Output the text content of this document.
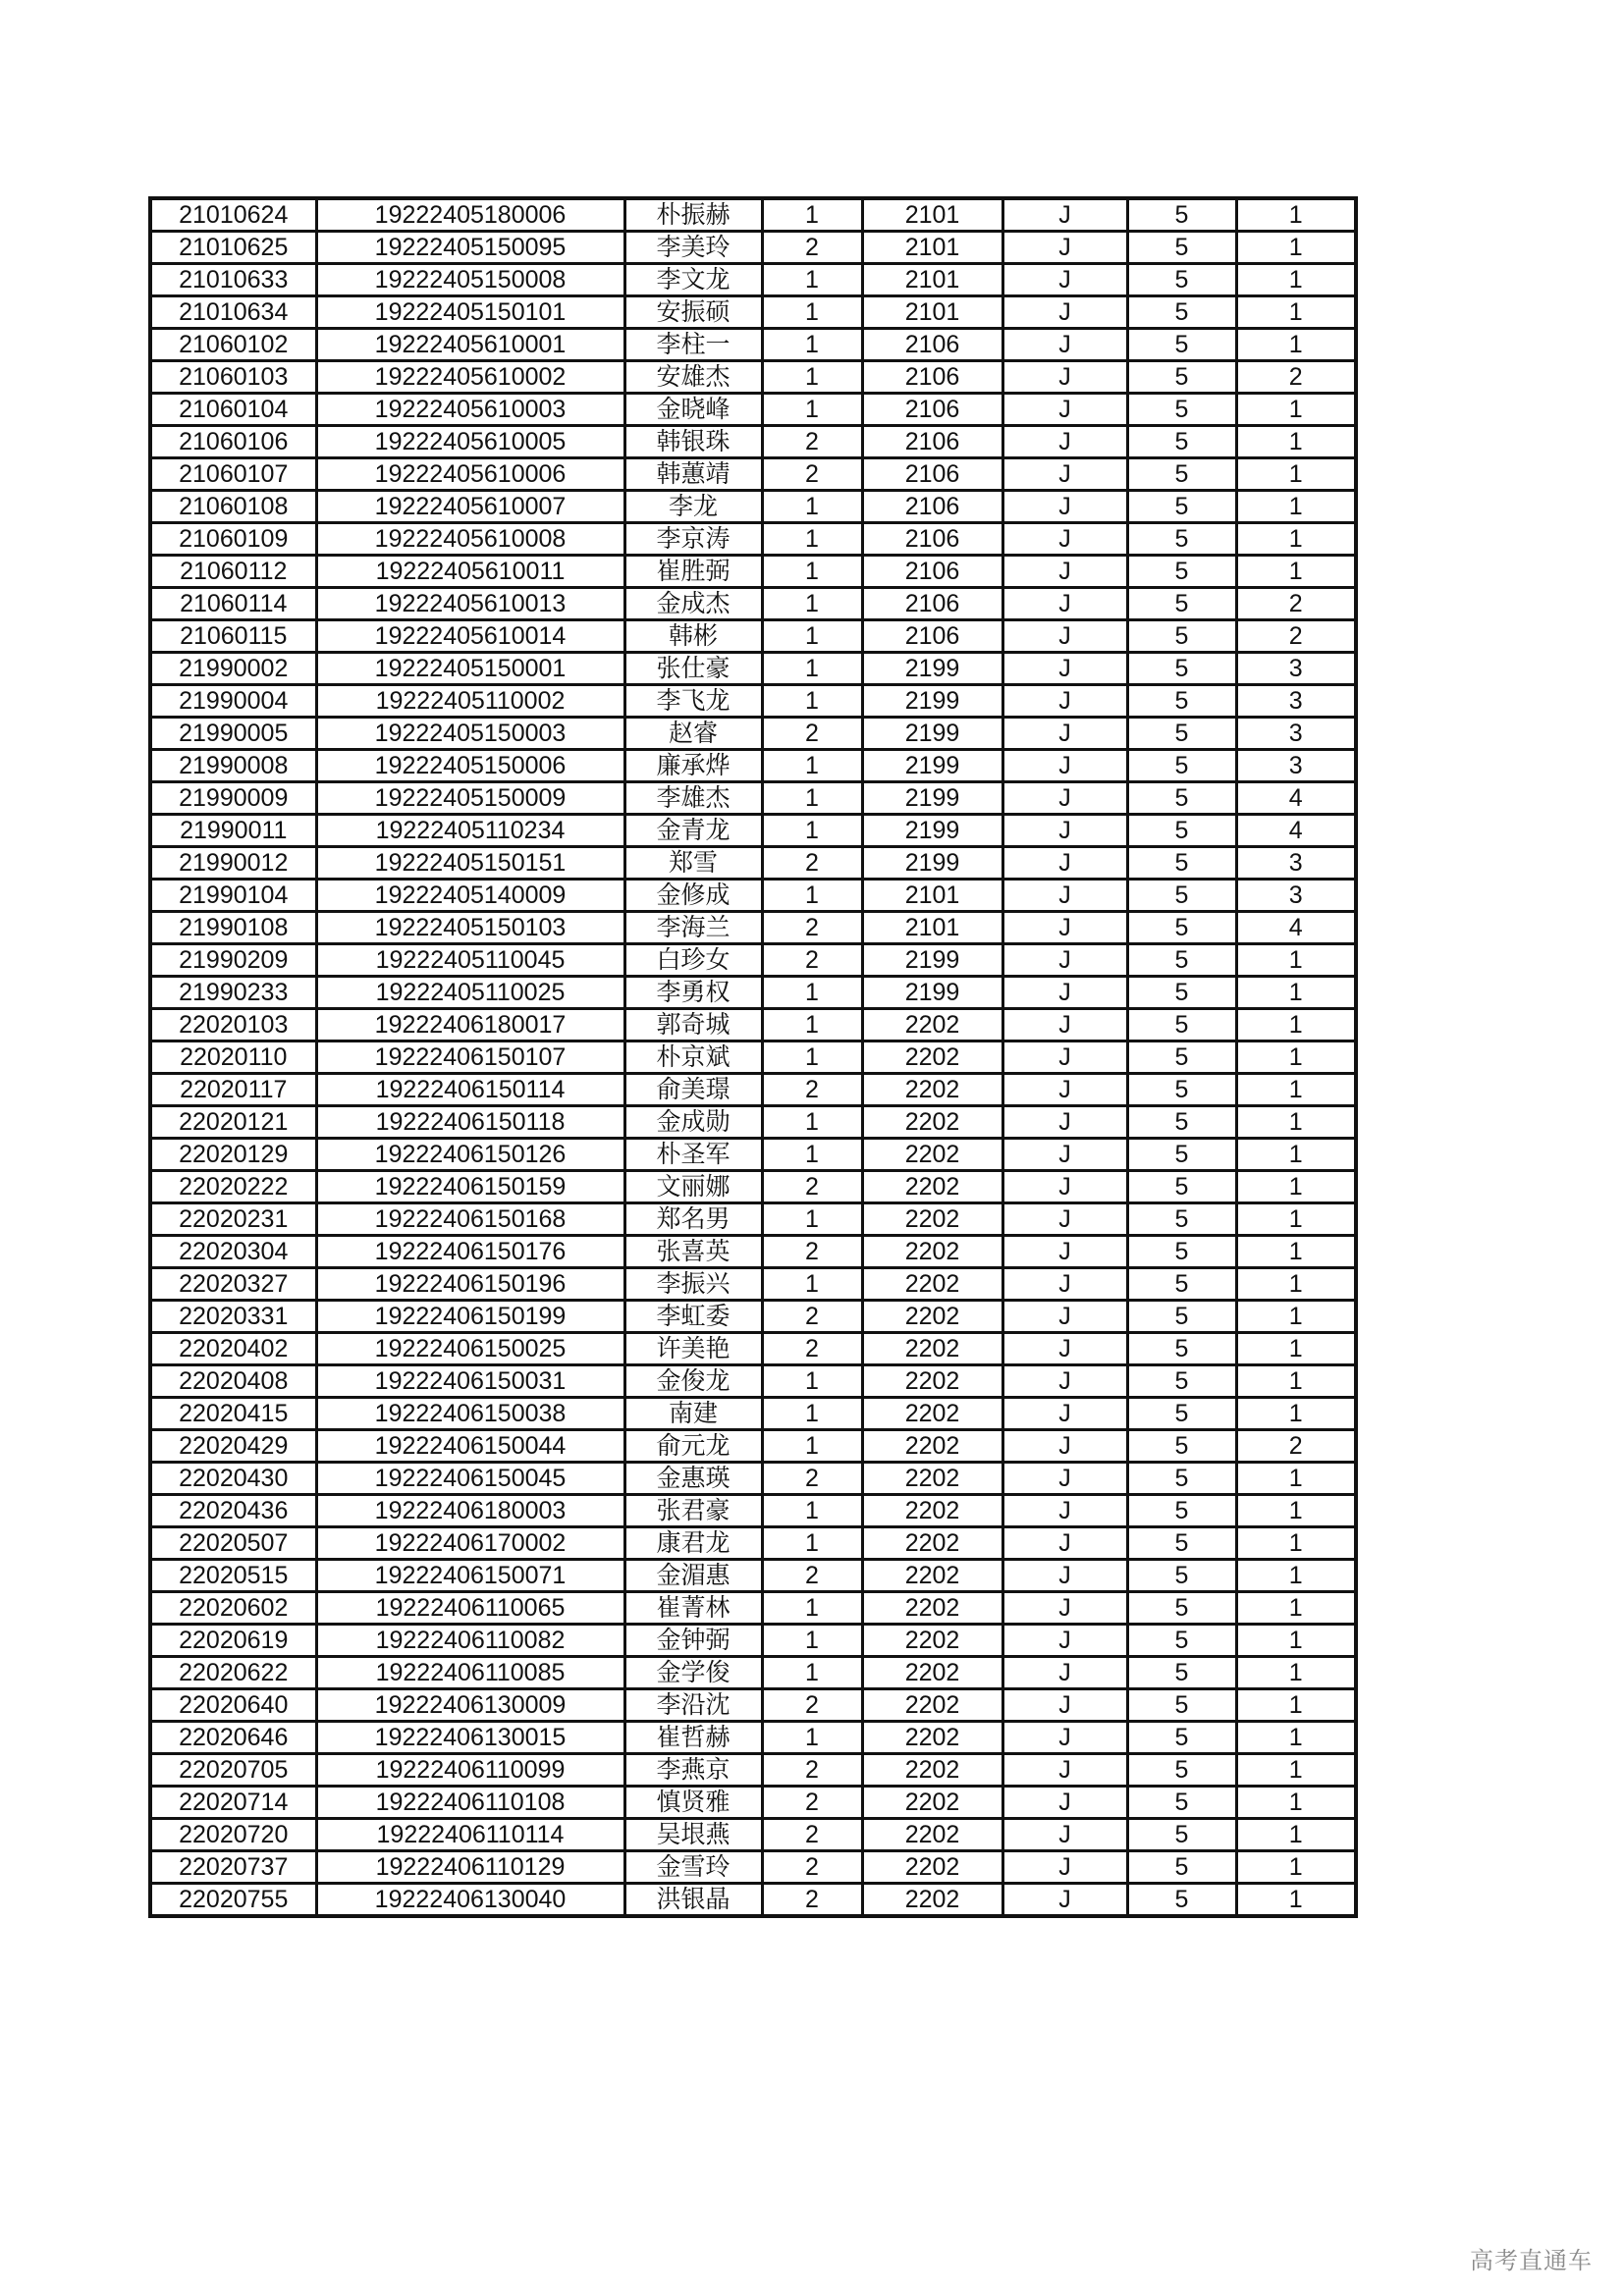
21010624	19222405180006	朴振赫	1	2101	J	5	1
21010625	19222405150095	李美玲	2	2101	J	5	1
21010633	19222405150008	李文龙	1	2101	J	5	1
21010634	19222405150101	安振硕	1	2101	J	5	1
21060102	19222405610001	李柱一	1	2106	J	5	1
21060103	19222405610002	安雄杰	1	2106	J	5	2
21060104	19222405610003	金晓峰	1	2106	J	5	1
21060106	19222405610005	韩银珠	2	2106	J	5	1
21060107	19222405610006	韩蕙靖	2	2106	J	5	1
21060108	19222405610007	李龙	1	2106	J	5	1
21060109	19222405610008	李京涛	1	2106	J	5	1
21060112	19222405610011	崔胜弼	1	2106	J	5	1
21060114	19222405610013	金成杰	1	2106	J	5	2
21060115	19222405610014	韩彬	1	2106	J	5	2
21990002	19222405150001	张仕豪	1	2199	J	5	3
21990004	19222405110002	李飞龙	1	2199	J	5	3
21990005	19222405150003	赵睿	2	2199	J	5	3
21990008	19222405150006	廉承烨	1	2199	J	5	3
21990009	19222405150009	李雄杰	1	2199	J	5	4
21990011	19222405110234	金青龙	1	2199	J	5	4
21990012	19222405150151	郑雪	2	2199	J	5	3
21990104	19222405140009	金修成	1	2101	J	5	3
21990108	19222405150103	李海兰	2	2101	J	5	4
21990209	19222405110045	白珍女	2	2199	J	5	1
21990233	19222405110025	李勇权	1	2199	J	5	1
22020103	19222406180017	郭奇城	1	2202	J	5	1
22020110	19222406150107	朴京斌	1	2202	J	5	1
22020117	19222406150114	俞美璟	2	2202	J	5	1
22020121	19222406150118	金成勋	1	2202	J	5	1
22020129	19222406150126	朴圣军	1	2202	J	5	1
22020222	19222406150159	文丽娜	2	2202	J	5	1
22020231	19222406150168	郑名男	1	2202	J	5	1
22020304	19222406150176	张喜英	2	2202	J	5	1
22020327	19222406150196	李振兴	1	2202	J	5	1
22020331	19222406150199	李虹委	2	2202	J	5	1
22020402	19222406150025	许美艳	2	2202	J	5	1
22020408	19222406150031	金俊龙	1	2202	J	5	1
22020415	19222406150038	南建	1	2202	J	5	1
22020429	19222406150044	俞元龙	1	2202	J	5	2
22020430	19222406150045	金惠瑛	2	2202	J	5	1
22020436	19222406180003	张君豪	1	2202	J	5	1
22020507	19222406170002	康君龙	1	2202	J	5	1
22020515	19222406150071	金湄惠	2	2202	J	5	1
22020602	19222406110065	崔菁林	1	2202	J	5	1
22020619	19222406110082	金钟弼	1	2202	J	5	1
22020622	19222406110085	金学俊	1	2202	J	5	1
22020640	19222406130009	李沿沈	2	2202	J	5	1
22020646	19222406130015	崔哲赫	1	2202	J	5	1
22020705	19222406110099	李燕京	2	2202	J	5	1
22020714	19222406110108	慎贤雅	2	2202	J	5	1
22020720	19222406110114	吴垠燕	2	2202	J	5	1
22020737	19222406110129	金雪玲	2	2202	J	5	1
22020755	19222406130040	洪银晶	2	2202	J	5	1
高考直通车
